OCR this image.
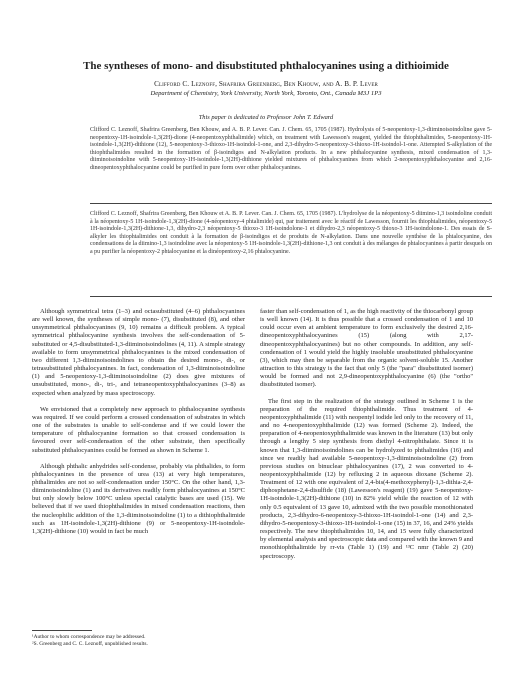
The syntheses of mono- and disubstituted phthalocyanines using a dithioimide
Clifford C. Leznoff, Shafrira Greenberg, Ben Khouw, and A. B. P. Lever
Department of Chemistry, York University, North York, Toronto, Ont., Canada M3J 1P3
This paper is dedicated to Professor John T. Edward
Clifford C. Leznoff, Shafrira Greenberg, Ben Khouw, and A. B. P. Lever. Can. J. Chem. 65, 1705 (1987). Hydrolysis of 5-neopentoxy-1,3-diiminoisoindoline gave 5-neopentoxy-1H-isoindole-1,3(2H)-dione (4-neopentoxyphthalimide) which, on treatment with Lawesson's reagent, yielded the thiophthalimides, 5-neopentoxy-1H-isoindole-1,3(2H)-dithione (12), 5-neopentoxy-3-thioxo-1H-isoindol-1-one, and 2,3-dihydro-5-neopentoxy-3-thioxo-1H-isoindol-1-one. Attempted S-alkylation of the thiophthalimides resulted in the formation of β-isoindigos and N-alkylation products. In a new phthalocyanine synthesis, mixed condensation of 1,3-diiminoisoindoline with 5-neopentoxy-1H-isoindole-1,3(2H)-dithione yielded mixtures of phthalocyanines from which 2-neopentoxyphthalocyanine and 2,16-dineopentoxyphthalocyanine could be purified in pure form over other phthalocyanines.
Clifford C. Leznoff, Shafrira Greenberg, Ben Khouw et A. B. P. Lever. Can. J. Chem. 65, 1705 (1987). L'hydrolyse de la néopentoxy-5 diimino-1,3 isoindoline conduit à la néopentoxy-5 1H-isoindole-1,3(2H)-dione (4-néopentoxy-4 phtalimide) qui, par traitement avec le réactif de Lawesson, fournit les thiophtalimides, néopentoxy-5 1H-isoindole-1,3(2H)-dithione-1,3, dihydro-2,3 néopentoxy-5 thioxo-3 1H-isoindolone-1 et dihydro-2,3 néopentoxy-5 thioxo-3 1H-isoindolone-1. Des essais de S-alkyler les thiophtalimides ont conduit à la formation de β-isoindigos et de produits de N-alkylation. Dans une nouvelle synthèse de la phtalocyanine, des condensations de la diimino-1,3 isoindoline avec la néopentoxy-5 1H-isoindole-1,3(2H)-dithione-1,3 ont conduit à des mélanges de phtalocyanines à partir desquels on a pu purifier la néopentoxy-2 phtalocyanine et la dinéopentoxy-2,16 phtalocyanine.

Although symmetrical tetra (1–3) and octasubstituted (4–6) phthalocyanines are well known, the syntheses of simple mono- (7), disubstituted (8), and other unsymmetrical phthalocyanines (9, 10) remains a difficult problem. A typical symmetrical phthalocyanine synthesis involves the self-condensation of 5-substituted or 4,5-disubstituted-1,3-diiminoisoindolines (4, 11). A simple strategy available to form unsymmetrical phthalocyanines is the mixed condensation of two different 1,3-diiminoisoindolines to obtain the desired mono-, di-, or tetrasubstituted phthalocyanines. In fact, condensation of 1,3-diiminoisoindoline (1) and 5-neopentoxy-1,3-diiminoisoindoline (2) does give mixtures of unsubstituted, mono-, di-, tri-, and tetraneopentoxyphthalocyanines (3–8) as expected when analyzed by mass spectroscopy.

We envisioned that a completely new approach to phthalocyanine synthesis was required. If we could perform a crossed condensation of substrates in which one of the substrates is unable to self-condense and if we could lower the temperature of phthalocyanine formation so that crossed condensation is favoured over self-condensation of the other substrate, then specifically substituted phthalocyanines could be formed as shown in Scheme 1.

Although phthalic anhydrides self-condense, probably via phthalides, to form phthalocyanines in the presence of urea (13) at very high temperatures, phthalimides are not so self-condensation under 150°C. On the other hand, 1,3-diiminoisoindoline (1) and its derivatives readily form phthalocyanines at 150°C but only slowly below 100°C unless special catalytic bases are used (15). We believed that if we used thiophthalimides in mixed condensation reactions, then the nucleophilic addition of the 1,3-diiminoisoindoline (1) to a dithiophthalimide such as 1H-isoindole-1,3(2H)-dithione (9) or 5-neopentoxy-1H-isoindole-1,3(2H)-dithione (10) would in fact be much

faster than self-condensation of 1, as the high reactivity of the thiocarbonyl group is well known (14). It is thus possible that a crossed condensation of 1 and 10 could occur even at ambient temperature to form exclusively the desired 2,16-dineopentoxyphthalocyanines (15) (along with 2,17-dineopentoxyphthalocyanines) but no other compounds. In addition, any self-condensation of 1 would yield the highly insoluble unsubstituted phthalocyanine (3), which may then be separable from the organic solvent-soluble 15. Another attraction to this strategy is the fact that only 5 (the "para" disubstituted isomer) would be formed and not 2,9-dineopentoxyphthalocyanine (6) (the "ortho" disubstituted isomer).

The first step in the realization of the strategy outlined in Scheme 1 is the preparation of the required thiophthalimide. Thus treatment of 4-neopentoxyphthalimide (11) with neopentyl iodide led only to the recovery of 11, and no 4-neopentoxyphthalimide (12) was formed (Scheme 2). Indeed, the preparation of 4-neopentoxyphthalimide was known in the literature (13) but only through a lengthy 5 step synthesis from diethyl 4-nitrophthalate. Since it is known that 1,3-diiminoisoindolines can be hydrolyzed to phthalimides (16) and since we readily had available 5-neopentoxy-1,3-diiminoisoindoline (2) from previous studies on binuclear phthalocyanines (17), 2 was converted to 4-neopentoxyphthalimide (12) by refluxing 2 in aqueous dioxane (Scheme 2). Treatment of 12 with one equivalent of 2,4-bis(4-methoxyphenyl)-1,3-dithia-2,4-diphosphetane-2,4-disulfide (18) (Lawesson's reagent) (19) gave 5-neopentoxy-1H-isoindole-1,3(2H)-dithione (10) in 82% yield while the reaction of 12 with only 0.5 equivalent of 13 gave 10, admixed with the two possible monothionated products, 2,3-dihydro-6-neopentoxy-3-thioxo-1H-isoindol-1-one (14) and 2,3-dihydro-5-neopentoxy-3-thioxo-1H-isoindol-1-one (15) in 37, 16, and 24% yields respectively. The new thiophthalimides 10, 14, and 15 were fully characterized by elemental analysis and spectroscopic data and compared with the known 9 and monothiophthalimide by rr-vis (Table 1) (19) and ¹³C nmr (Table 2) (20) spectroscopy.

¹Author to whom correspondence may be addressed.
²S. Greenberg and C. C. Leznoff, unpublished results.
